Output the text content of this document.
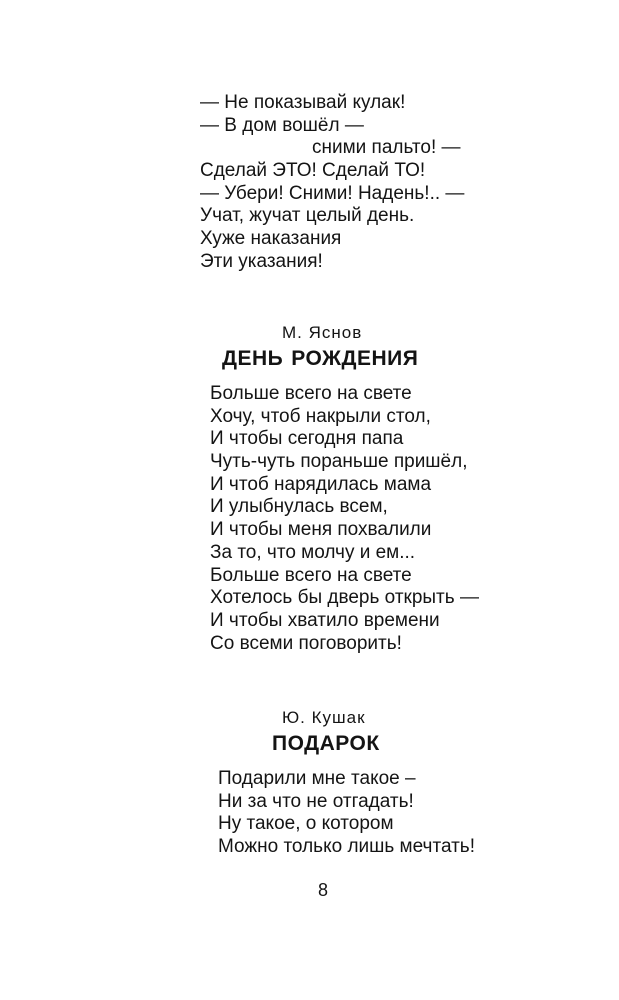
— Не показывай кулак!
— В дом вошёл —
сними пальто! —
Сделай ЭТО! Сделай ТО!
— Убери! Сними! Надень!.. —
Учат, жучат целый день.
Хуже наказания
Эти указания!
М. Яснов
ДЕНЬ РОЖДЕНИЯ
Больше всего на свете
Хочу, чтоб накрыли стол,
И чтобы сегодня папа
Чуть-чуть пораньше пришёл,
И чтоб нарядилась мама
И улыбнулась всем,
И чтобы меня похвалили
За то, что молчу и ем...
Больше всего на свете
Хотелось бы дверь открыть —
И чтобы хватило времени
Со всеми поговорить!
Ю. Кушак
ПОДАРОК
Подарили мне такое –
Ни за что не отгадать!
Ну такое, о котором
Можно только лишь мечтать!
8
